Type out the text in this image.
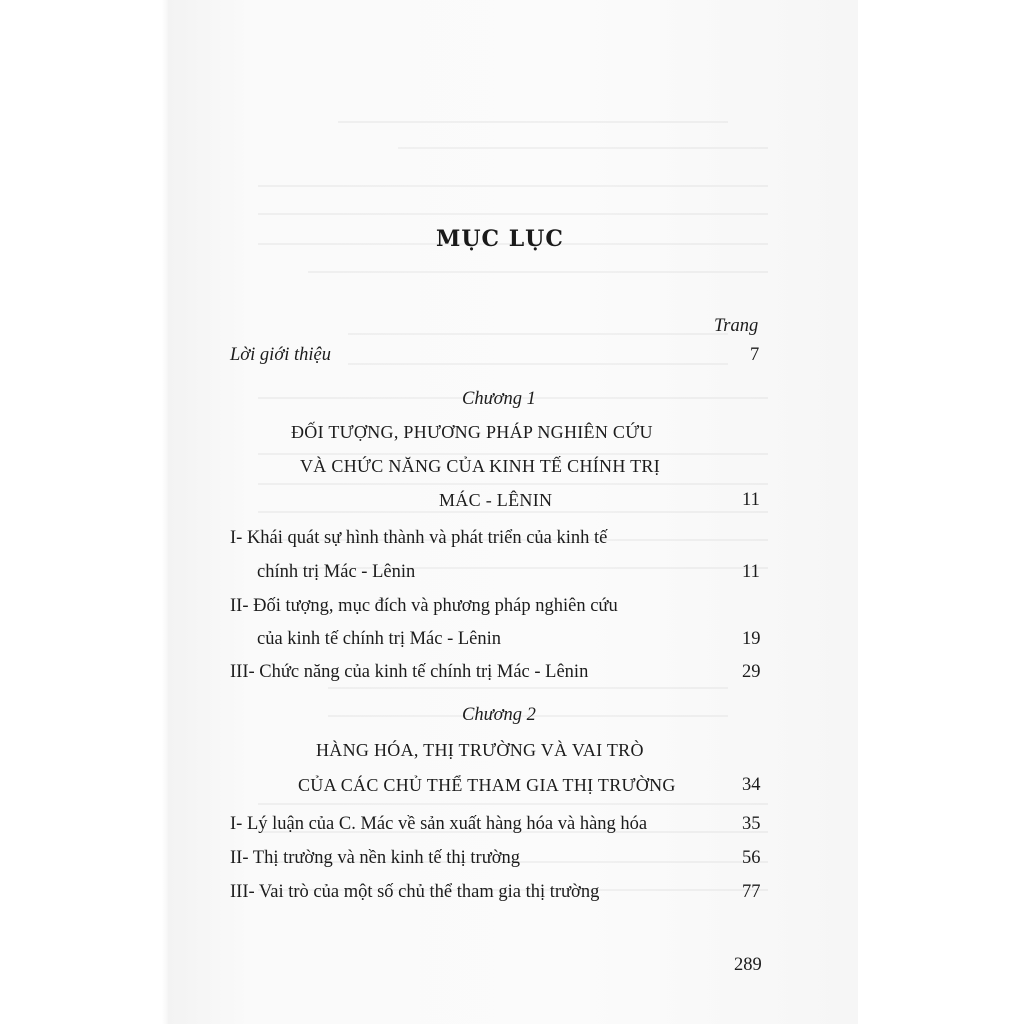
MỤC LỤC
Trang
Lời giới thiệu	7
Chương 1
ĐỐI TƯỢNG, PHƯƠNG PHÁP NGHIÊN CỨU
VÀ CHỨC NĂNG CỦA KINH TẾ CHÍNH TRỊ
MÁC - LÊNIN	11
I- Khái quát sự hình thành và phát triển của kinh tế
chính trị Mác - Lênin	11
II- Đối tượng, mục đích và phương pháp nghiên cứu
của kinh tế chính trị Mác - Lênin	19
III- Chức năng của kinh tế chính trị Mác - Lênin	29
Chương 2
HÀNG HÓA, THỊ TRƯỜNG VÀ VAI TRÒ
CỦA CÁC CHỦ THỂ THAM GIA THỊ TRƯỜNG	34
I- Lý luận của C. Mác về sản xuất hàng hóa và hàng hóa	35
II- Thị trường và nền kinh tế thị trường	56
III- Vai trò của một số chủ thể tham gia thị trường	77
289
